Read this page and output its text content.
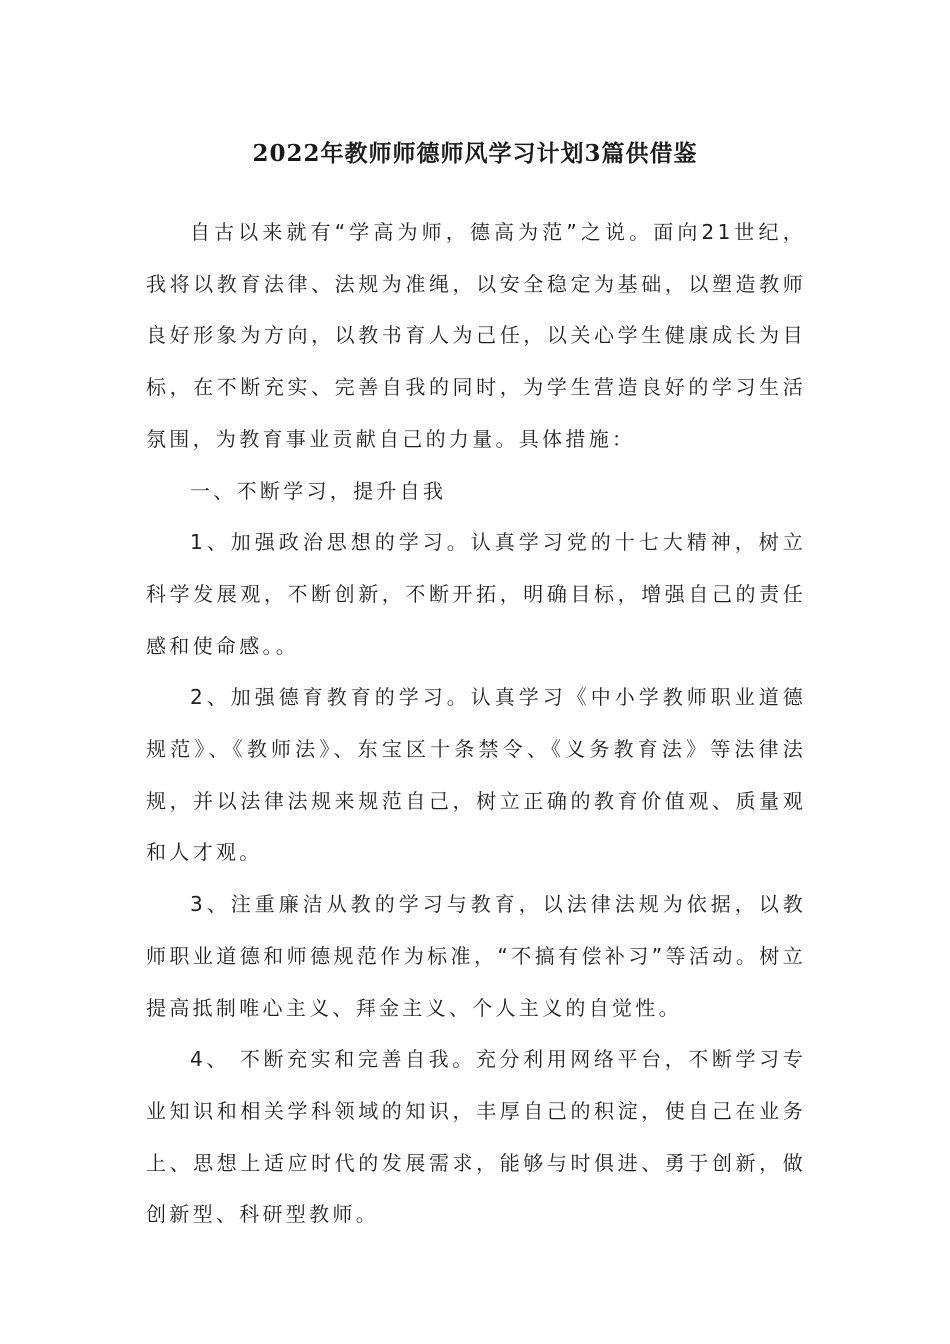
2022年教师师德师风学习计划3篇供借鉴

自古以来就有“学高为师，德高为范”之说。面向21世纪，我将以教育法律、法规为准绳，以安全稳定为基础，以塑造教师良好形象为方向，以教书育人为己任，以关心学生健康成长为目标，在不断充实、完善自我的同时，为学生营造良好的学习生活氛围，为教育事业贡献自己的力量。具体措施：

一、不断学习，提升自我

1、加强政治思想的学习。认真学习党的十七大精神，树立科学发展观，不断创新，不断开拓，明确目标，增强自己的责任感和使命感。。

2、加强德育教育的学习。认真学习《中小学教师职业道德规范》、《教师法》、东宝区十条禁令、《义务教育法》等法律法规，并以法律法规来规范自己，树立正确的教育价值观、质量观和人才观。

3、注重廉洁从教的学习与教育，以法律法规为依据，以教师职业道德和师德规范作为标准，“不搞有偿补习”等活动。树立提高抵制唯心主义、拜金主义、个人主义的自觉性。

4、 不断充实和完善自我。充分利用网络平台，不断学习专业知识和相关学科领域的知识，丰厚自己的积淀，使自己在业务上、思想上适应时代的发展需求，能够与时俱进、勇于创新，做创新型、科研型教师。
